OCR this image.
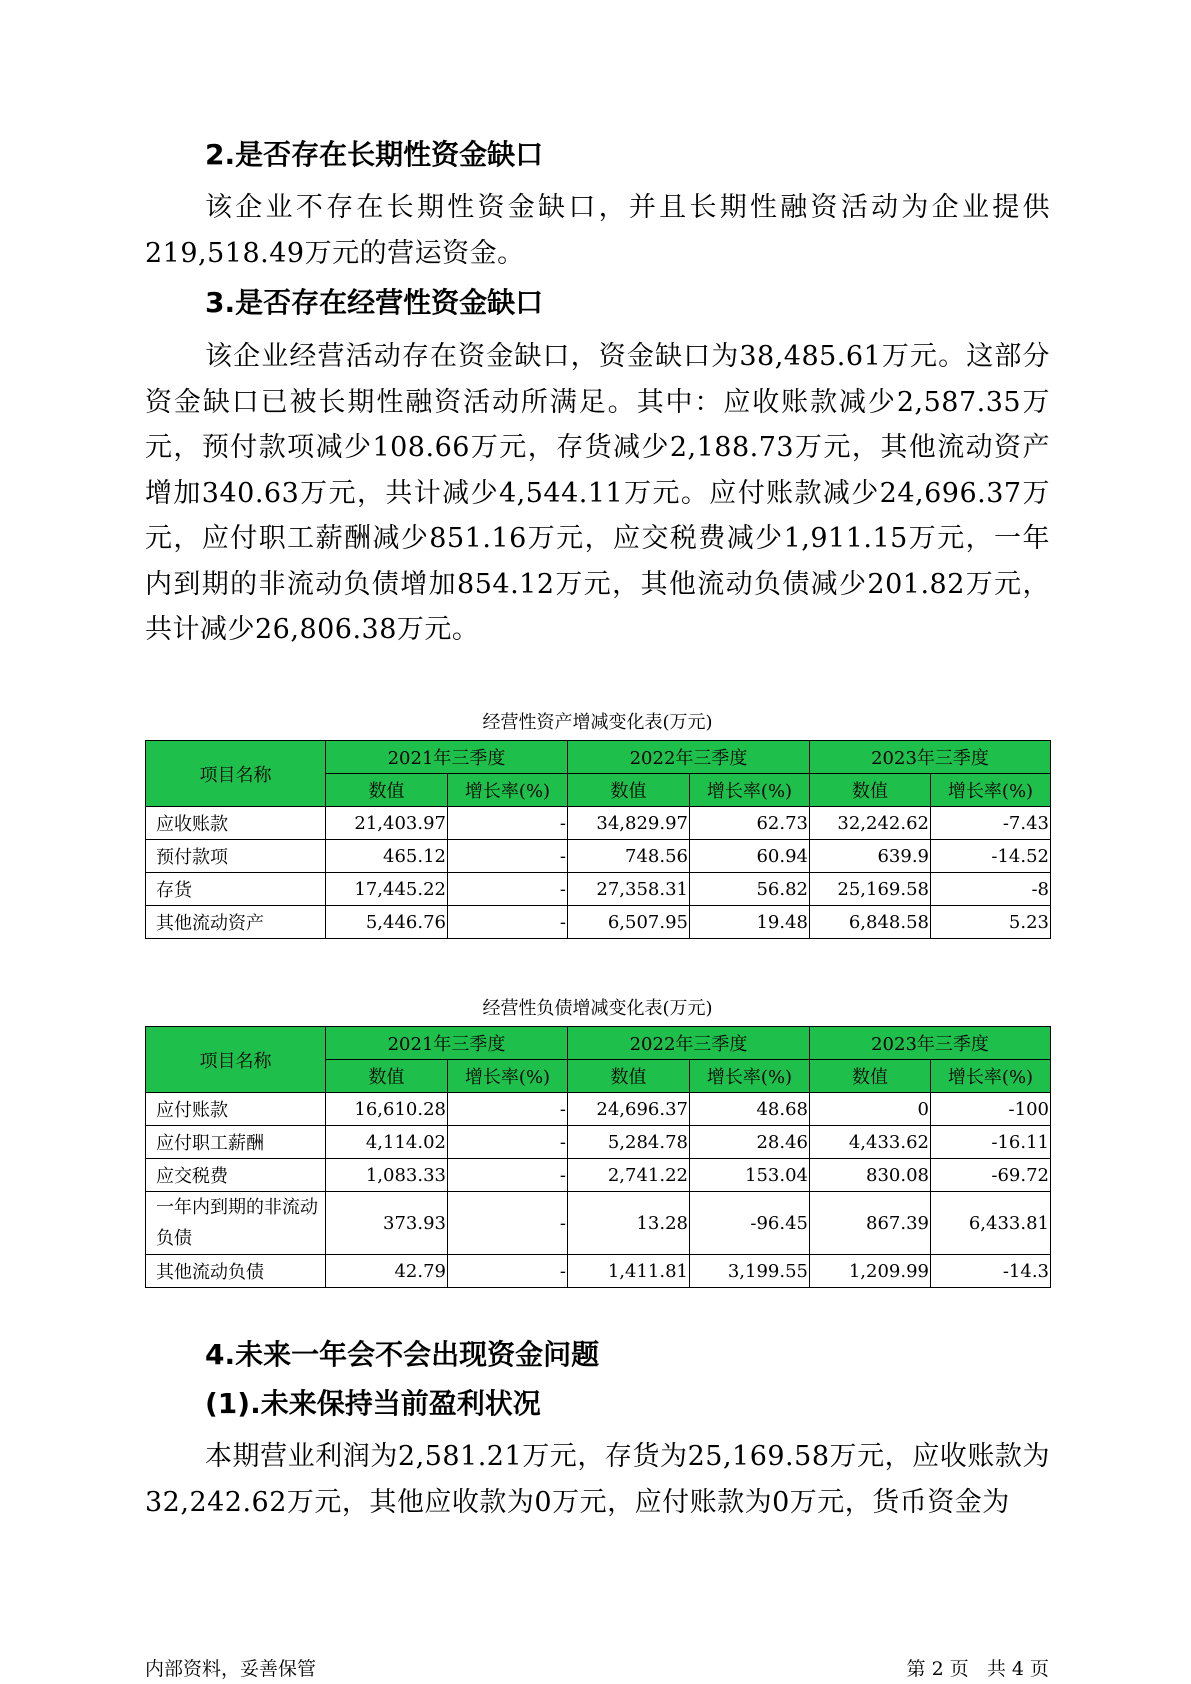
2.是否存在长期性资金缺口

该企业不存在长期性资金缺口，并且长期性融资活动为企业提供219,518.49万元的营运资金。

3.是否存在经营性资金缺口

该企业经营活动存在资金缺口，资金缺口为38,485.61万元。这部分资金缺口已被长期性融资活动所满足。其中：应收账款减少2,587.35万元，预付款项减少108.66万元，存货减少2,188.73万元，其他流动资产增加340.63万元，共计减少4,544.11万元。应付账款减少24,696.37万元，应付职工薪酬减少851.16万元，应交税费减少1,911.15万元，一年内到期的非流动负债增加854.12万元，其他流动负债减少201.82万元，共计减少26,806.38万元。

经营性资产增减变化表(万元)
项目名称	2021年三季度		2022年三季度		2023年三季度	
	数值	增长率(%)	数值	增长率(%)	数值	增长率(%)
应收账款	21,403.97	-	34,829.97	62.73	32,242.62	-7.43
预付款项	465.12	-	748.56	60.94	639.9	-14.52
存货	17,445.22	-	27,358.31	56.82	25,169.58	-8
其他流动资产	5,446.76	-	6,507.95	19.48	6,848.58	5.23
经营性负债增减变化表(万元)
项目名称	2021年三季度		2022年三季度		2023年三季度	
	数值	增长率(%)	数值	增长率(%)	数值	增长率(%)
应付账款	16,610.28	-	24,696.37	48.68	0	-100
应付职工薪酬	4,114.02	-	5,284.78	28.46	4,433.62	-16.11
应交税费	1,083.33	-	2,741.22	153.04	830.08	-69.72
一年内到期的非流动负债	373.93	-	13.28	-96.45	867.39	6,433.81
其他流动负债	42.79	-	1,411.81	3,199.55	1,209.99	-14.3
4.未来一年会不会出现资金问题
(1).未来保持当前盈利状况

本期营业利润为2,581.21万元，存货为25,169.58万元，应收账款为32,242.62万元，其他应收款为0万元，应付账款为0万元，货币资金为

内部资料，妥善保管	第 2 页   共 4 页
